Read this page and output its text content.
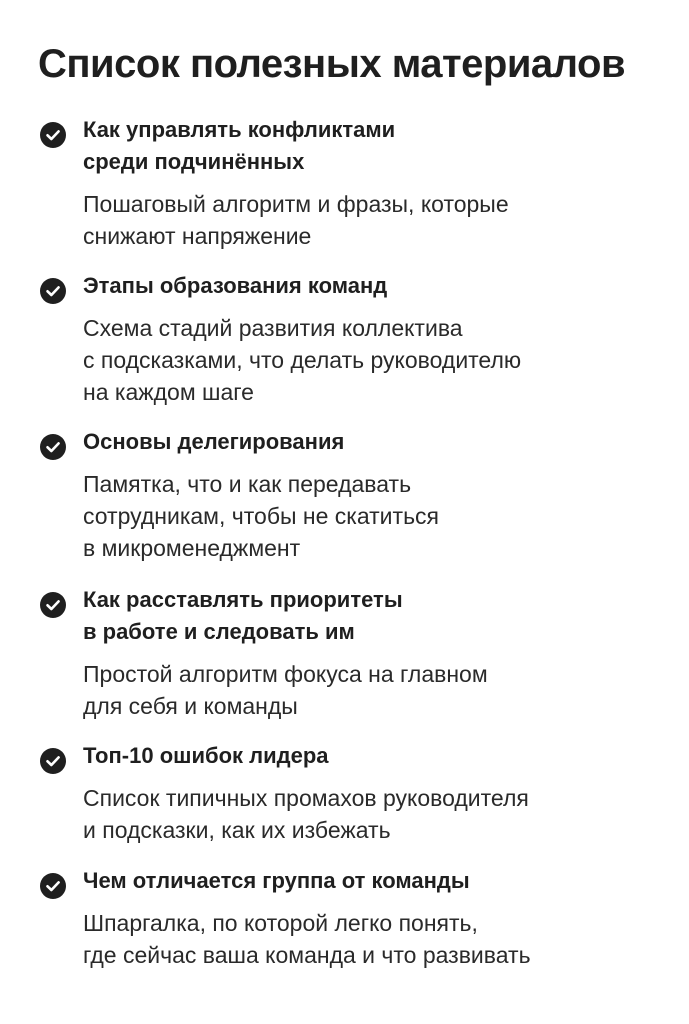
Список полезных материалов
Как управлять конфликтами
среди подчинённых
Пошаговый алгоритм и фразы, которые
снижают напряжение
Этапы образования команд
Схема стадий развития коллектива
с подсказками, что делать руководителю
на каждом шаге
Основы делегирования
Памятка, что и как передавать
сотрудникам, чтобы не скатиться
в микроменеджмент
Как расставлять приоритеты
в работе и следовать им
Простой алгоритм фокуса на главном
для себя и команды
Топ-10 ошибок лидера
Список типичных промахов руководителя
и подсказки, как их избежать
Чем отличается группа от команды
Шпаргалка, по которой легко понять,
где сейчас ваша команда и что развивать
